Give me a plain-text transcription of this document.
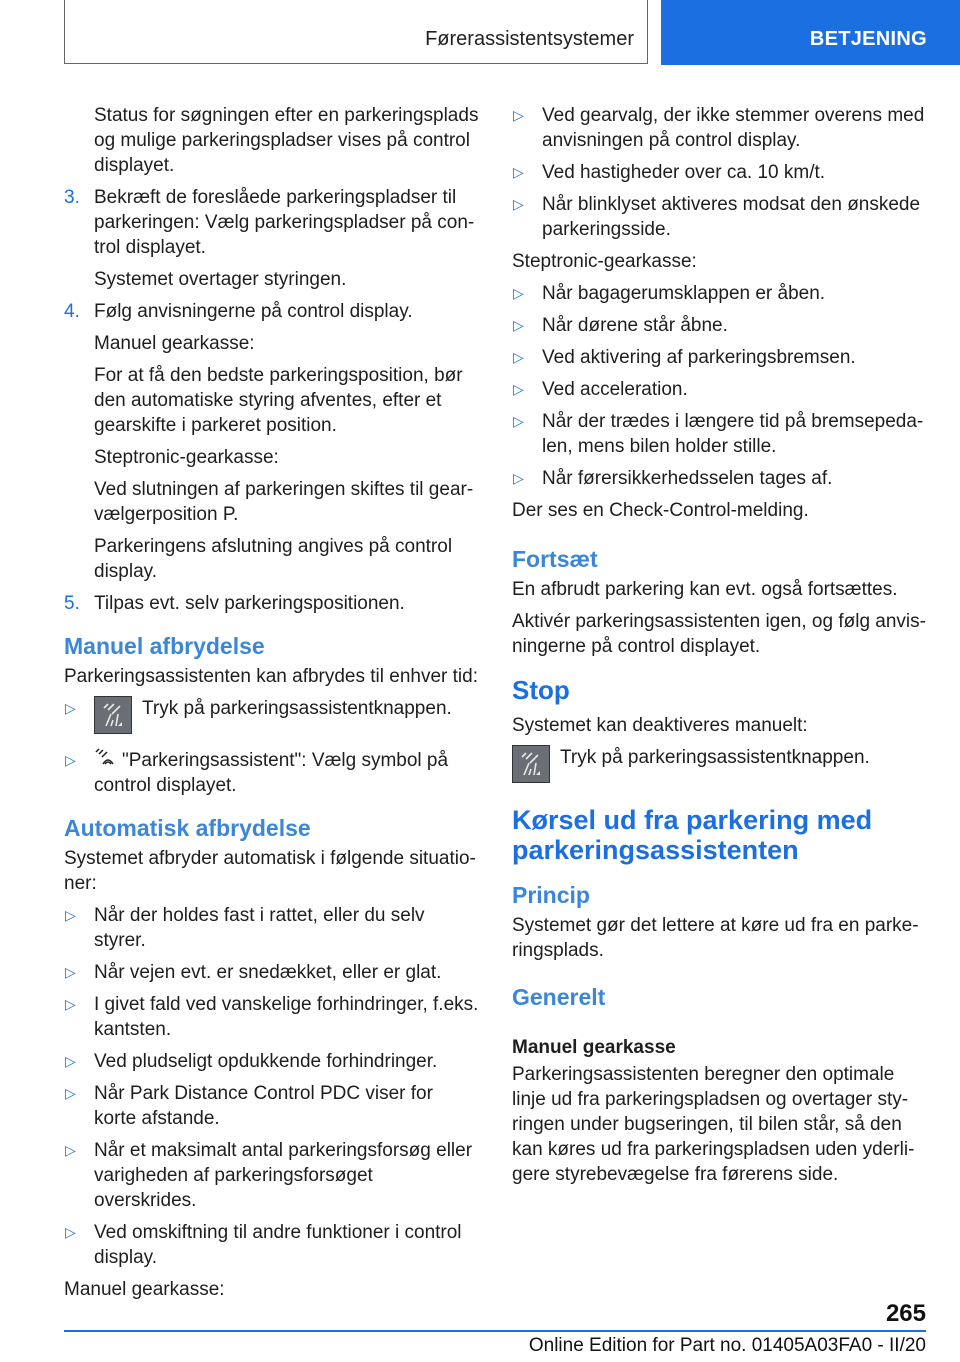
Førerassistentsystemer	BETJENING

Status for søgningen efter en parkeringsplads og mulige parkeringspladser vises på control displayet.

3. Bekræft de foreslåede parkeringspladser til parkeringen: Vælg parkeringspladser på control displayet.

Systemet overtager styringen.

4. Følg anvisningerne på control display.

Manuel gearkasse:

For at få den bedste parkeringsposition, bør den automatiske styring afventes, efter et gearskifte i parkeret position.

Steptronic-gearkasse:

Ved slutningen af parkeringen skiftes til gearvælgerposition P.

Parkeringens afslutning angives på control display.

5. Tilpas evt. selv parkeringspositionen.
Manuel afbrydelse

Parkeringsassistenten kan afbrydes til enhver tid:

▷	Tryk på parkeringsassistentknappen.
▷ "Parkeringsassistent": Vælg symbol på control displayet.
Automatisk afbrydelse

Systemet afbryder automatisk i følgende situationer:

▷ Når der holdes fast i rattet, eller du selv styrer.
▷ Når vejen evt. er snedækket, eller er glat.
▷ I givet fald ved vanskelige forhindringer, f.eks. kantsten.
▷ Ved pludseligt opdukkende forhindringer.
▷ Når Park Distance Control PDC viser for korte afstande.
▷ Når et maksimalt antal parkeringsforsøg eller varigheden af parkeringsforsøget overskrides.
▷ Ved omskiftning til andre funktioner i control display.

Manuel gearkasse:

▷ Ved gearvalg, der ikke stemmer overens med anvisningen på control display.
▷ Ved hastigheder over ca. 10 km/t.
▷ Når blinklyset aktiveres modsat den ønskede parkeringsside.

Steptronic-gearkasse:

▷ Når bagagerumsklappen er åben.
▷ Når dørene står åbne.
▷ Ved aktivering af parkeringsbremsen.
▷ Ved acceleration.
▷ Når der trædes i længere tid på bremsepedalen, mens bilen holder stille.
▷ Når førersikkerhedsselen tages af.

Der ses en Check-Control-melding.

Fortsæt

En afbrudt parkering kan evt. også fortsættes.

Aktivér parkeringsassistenten igen, og følg anvisningerne på control displayet.

Stop

Systemet kan deaktiveres manuelt:

Tryk på parkeringsassistentknappen.
Kørsel ud fra parkering med parkeringsassistenten
Princip

Systemet gør det lettere at køre ud fra en parkeringsplads.

Generelt
Manuel gearkasse

Parkeringsassistenten beregner den optimale linje ud fra parkeringspladsen og overtager styringen under bugseringen, til bilen står, så den kan køres ud fra parkeringspladsen uden yderligere styrebevægelse fra førerens side.

265
Online Edition for Part no. 01405A03FA0 - II/20
